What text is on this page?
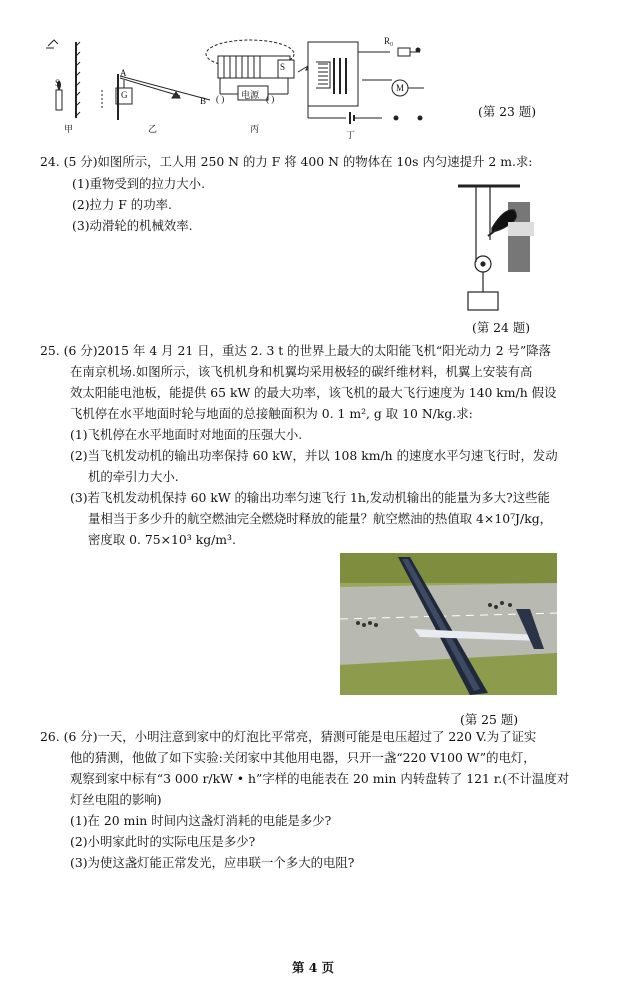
S
A
G
B
S
电源
( )	( )
R₀
M
甲	乙	丙
丁
(第 23 题)
24. (5 分)如图所示，工人用 250 N 的力 F 将 400 N 的物体在 10s 内匀速提升 2 m.求:
(1)重物受到的拉力大小.
(2)拉力 F 的功率.
(3)动滑轮的机械效率.
(第 24 题)
25. (6 分)2015 年 4 月 21 日，重达 2. 3 t 的世界上最大的太阳能飞机“阳光动力 2 号”降落
在南京机场.如图所示，该飞机机身和机翼均采用极轻的碳纤维材料，机翼上安装有高
效太阳能电池板，能提供 65 kW 的最大功率，该飞机的最大飞行速度为 140 km/h 假设
飞机停在水平地面时轮与地面的总接触面积为 0. 1 m², g 取 10 N/kg.求:
(1)飞机停在水平地面时对地面的压强大小.
(2)当飞机发动机的输出功率保持 60 kW，并以 108 km/h 的速度水平匀速飞行时，发动
机的牵引力大小.
(3)若飞机发动机保持 60 kW 的输出功率匀速飞行 1h,发动机输出的能量为多大?这些能
量相当于多少升的航空燃油完全燃烧时释放的能量？航空燃油的热值取 4×10⁷J/kg，
密度取 0. 75×10³ kg/m³.
(第 25 题)
26. (6 分)一天，小明注意到家中的灯泡比平常亮，猜测可能是电压超过了 220 V.为了证实
他的猜测，他做了如下实验:关闭家中其他用电器，只开一盏“220 V100 W”的电灯，
观察到家中标有“3 000 r/kW • h”字样的电能表在 20 min 内转盘转了 121 r.(不计温度对
灯丝电阻的影响)
(1)在 20 min 时间内这盏灯消耗的电能是多少?
(2)小明家此时的实际电压是多少?
(3)为使这盏灯能正常发光，应串联一个多大的电阻?
第 4 页
